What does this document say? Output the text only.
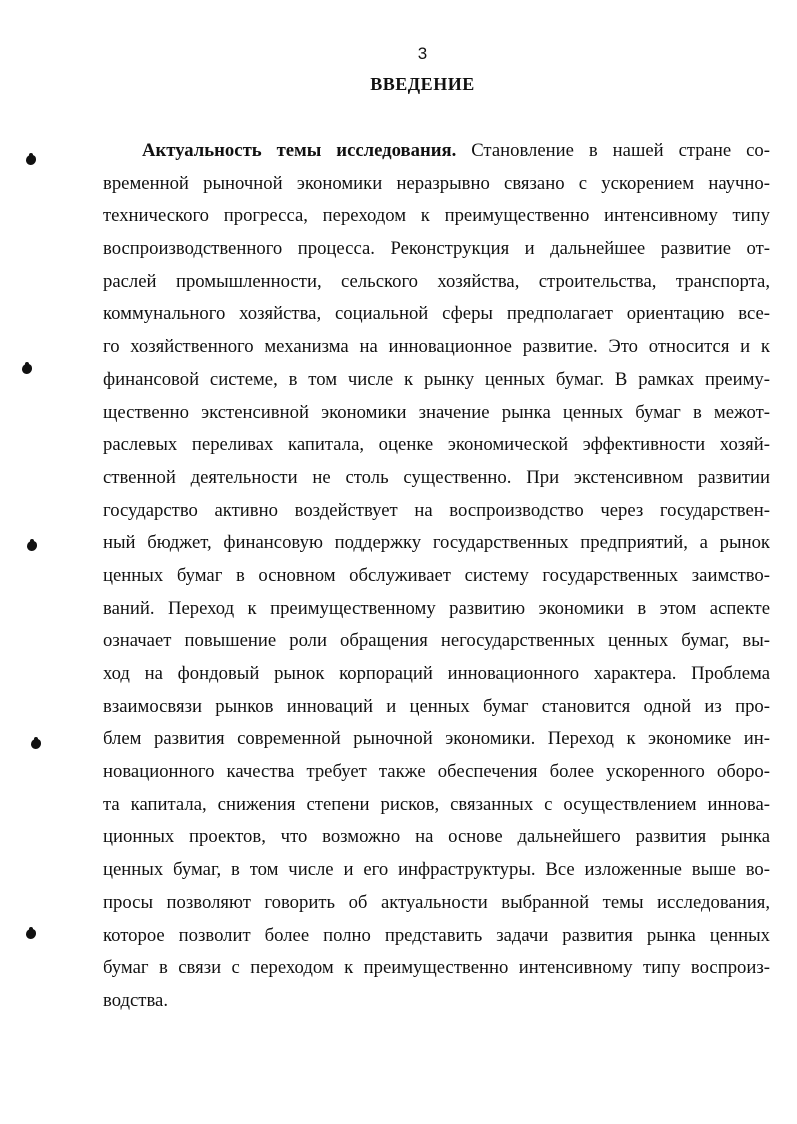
3
ВВЕДЕНИЕ
Актуальность темы исследования. Становление в нашей стране со-
временной рыночной экономики неразрывно связано с ускорением научно-
технического прогресса, переходом к преимущественно интенсивному типу
воспроизводственного процесса. Реконструкция и дальнейшее развитие от-
раслей промышленности, сельского хозяйства, строительства, транспорта,
коммунального хозяйства, социальной сферы предполагает ориентацию все-
го хозяйственного механизма на инновационное развитие. Это относится и к
финансовой системе, в том числе к рынку ценных бумаг. В рамках преиму-
щественно экстенсивной экономики значение рынка ценных бумаг в межот-
раслевых переливах капитала, оценке экономической эффективности хозяй-
ственной деятельности не столь существенно. При экстенсивном развитии
государство активно воздействует на воспроизводство через государствен-
ный бюджет, финансовую поддержку государственных предприятий, а рынок
ценных бумаг в основном обслуживает систему государственных заимство-
ваний. Переход к преимущественному развитию экономики в этом аспекте
означает повышение роли обращения негосударственных ценных бумаг, вы-
ход на фондовый рынок корпораций инновационного характера. Проблема
взаимосвязи рынков инноваций и ценных бумаг становится одной из про-
блем развития современной рыночной экономики. Переход к экономике ин-
новационного качества требует также обеспечения более ускоренного оборо-
та капитала, снижения степени рисков, связанных с осуществлением иннова-
ционных проектов, что возможно на основе дальнейшего развития рынка
ценных бумаг, в том числе и его инфраструктуры. Все изложенные выше во-
просы позволяют говорить об актуальности выбранной темы исследования,
которое позволит более полно представить задачи развития рынка ценных
бумаг в связи с переходом к преимущественно интенсивному типу воспроиз-
водства.
